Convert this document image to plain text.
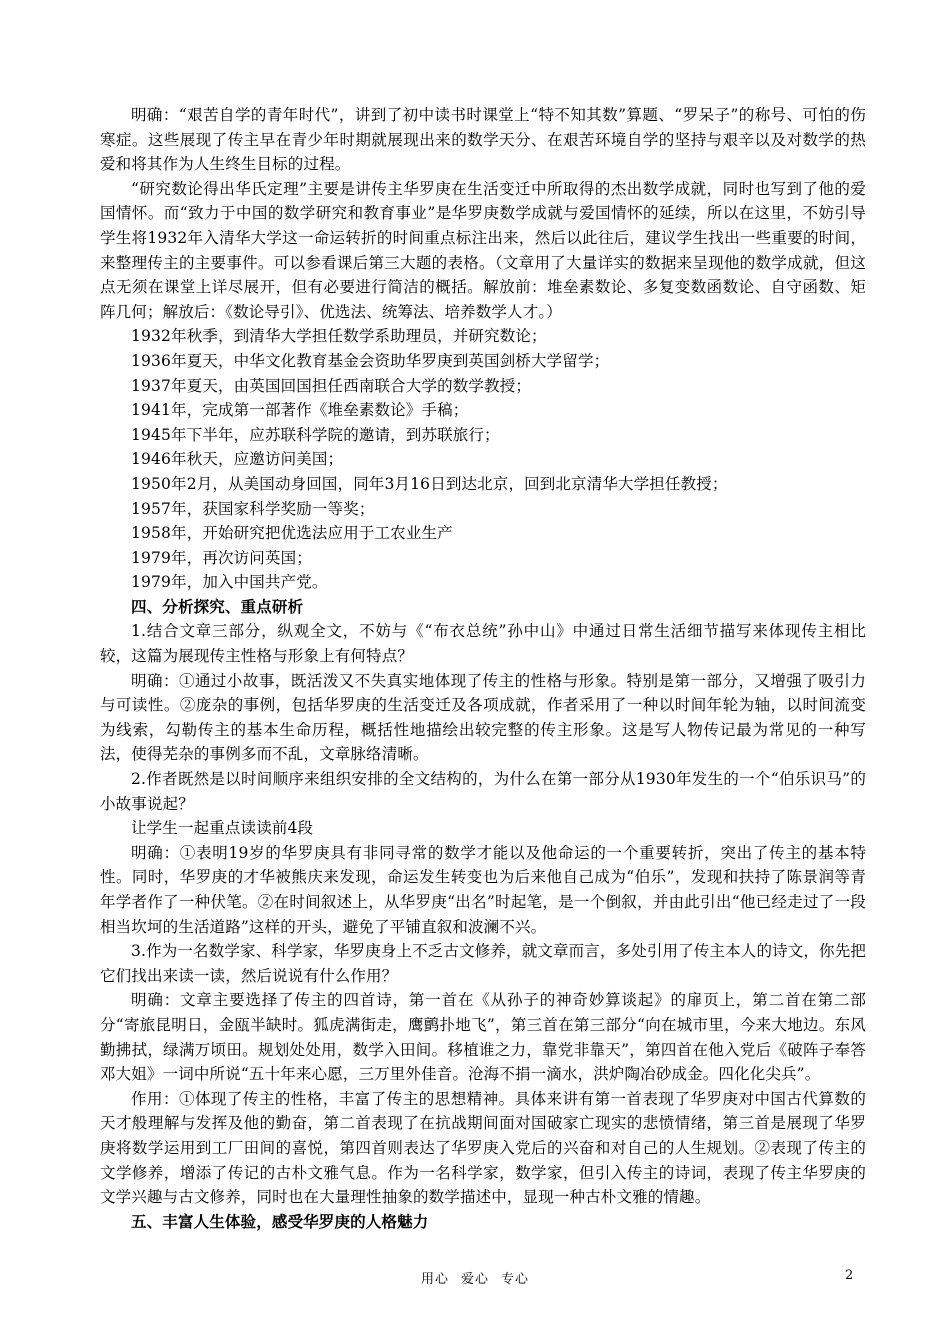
明确：“艰苦自学的青年时代”，讲到了初中读书时课堂上“特不知其数”算题、“罗呆子”的称号、可怕的伤寒症。这些展现了传主早在青少年时期就展现出来的数学天分、在艰苦环境自学的坚持与艰辛以及对数学的热爱和将其作为人生终生目标的过程。

“研究数论得出华氏定理”主要是讲传主华罗庚在生活变迁中所取得的杰出数学成就，同时也写到了他的爱国情怀。而“致力于中国的数学研究和教育事业”是华罗庚数学成就与爱国情怀的延续，所以在这里，不妨引导学生将1932年入清华大学这一命运转折的时间重点标注出来，然后以此往后，建议学生找出一些重要的时间，来整理传主的主要事件。可以参看课后第三大题的表格。（文章用了大量详实的数据来呈现他的数学成就，但这点无须在课堂上详尽展开，但有必要进行简洁的概括。解放前：堆垒素数论、多复变数函数论、自守函数、矩阵几何；解放后：《数论导引》、优选法、统筹法、培养数学人才。）

1932年秋季，到清华大学担任数学系助理员，并研究数论；

1936年夏天，中华文化教育基金会资助华罗庚到英国剑桥大学留学；

1937年夏天，由英国回国担任西南联合大学的数学教授；

1941年，完成第一部著作《堆垒素数论》手稿；

1945年下半年，应苏联科学院的邀请，到苏联旅行；

1946年秋天，应邀访问美国；

1950年2月，从美国动身回国，同年3月16日到达北京，回到北京清华大学担任教授；

1957年，获国家科学奖励一等奖；

1958年，开始研究把优选法应用于工农业生产

1979年，再次访问英国；

1979年，加入中国共产党。

四、分析探究、重点研析

1.结合文章三部分，纵观全文，不妨与《“布衣总统”孙中山》中通过日常生活细节描写来体现传主相比较，这篇为展现传主性格与形象上有何特点？

明确：①通过小故事，既活泼又不失真实地体现了传主的性格与形象。特别是第一部分，又增强了吸引力与可读性。②庞杂的事例，包括华罗庚的生活变迁及各项成就，作者采用了一种以时间年轮为轴，以时间流变为线索，勾勒传主的基本生命历程，概括性地描绘出较完整的传主形象。这是写人物传记最为常见的一种写法，使得芜杂的事例多而不乱，文章脉络清晰。

2.作者既然是以时间顺序来组织安排的全文结构的，为什么在第一部分从1930年发生的一个“伯乐识马”的小故事说起？

让学生一起重点读读前4段

明确：①表明19岁的华罗庚具有非同寻常的数学才能以及他命运的一个重要转折，突出了传主的基本特性。同时，华罗庚的才华被熊庆来发现，命运发生转变也为后来他自己成为“伯乐”，发现和扶持了陈景润等青年学者作了一种伏笔。②在时间叙述上，从华罗庚“出名”时起笔，是一个倒叙，并由此引出“他已经走过了一段相当坎坷的生活道路”这样的开头，避免了平铺直叙和波澜不兴。

3.作为一名数学家、科学家，华罗庚身上不乏古文修养，就文章而言，多处引用了传主本人的诗文，你先把它们找出来读一读，然后说说有什么作用？

明确：文章主要选择了传主的四首诗，第一首在《从孙子的神奇妙算谈起》的扉页上，第二首在第二部分“寄旅昆明日，金瓯半缺时。狐虎满街走，鹰鹯扑地飞”，第三首在第三部分“向在城市里，今来大地边。东风勤拂拭，绿满万顷田。规划处处用，数学入田间。移植谁之力，靠党非靠天”，第四首在他入党后《破阵子奉答邓大姐》一词中所说“五十年来心愿，三万里外佳音。沧海不捐一滴水，洪炉陶冶砂成金。四化化尖兵”。

作用：①体现了传主的性格，丰富了传主的思想精神。具体来讲有第一首表现了华罗庚对中国古代算数的天才般理解与发挥及他的勤奋，第二首表现了在抗战期间面对国破家亡现实的悲愤情绪，第三首是展现了华罗庚将数学运用到工厂田间的喜悦，第四首则表达了华罗庚入党后的兴奋和对自己的人生规划。②表现了传主的文学修养，增添了传记的古朴文雅气息。作为一名科学家，数学家，但引入传主的诗词，表现了传主华罗庚的文学兴趣与古文修养，同时也在大量理性抽象的数学描述中，显现一种古朴文雅的情趣。

五、丰富人生体验，感受华罗庚的人格魅力

用心 爱心 专心	2
